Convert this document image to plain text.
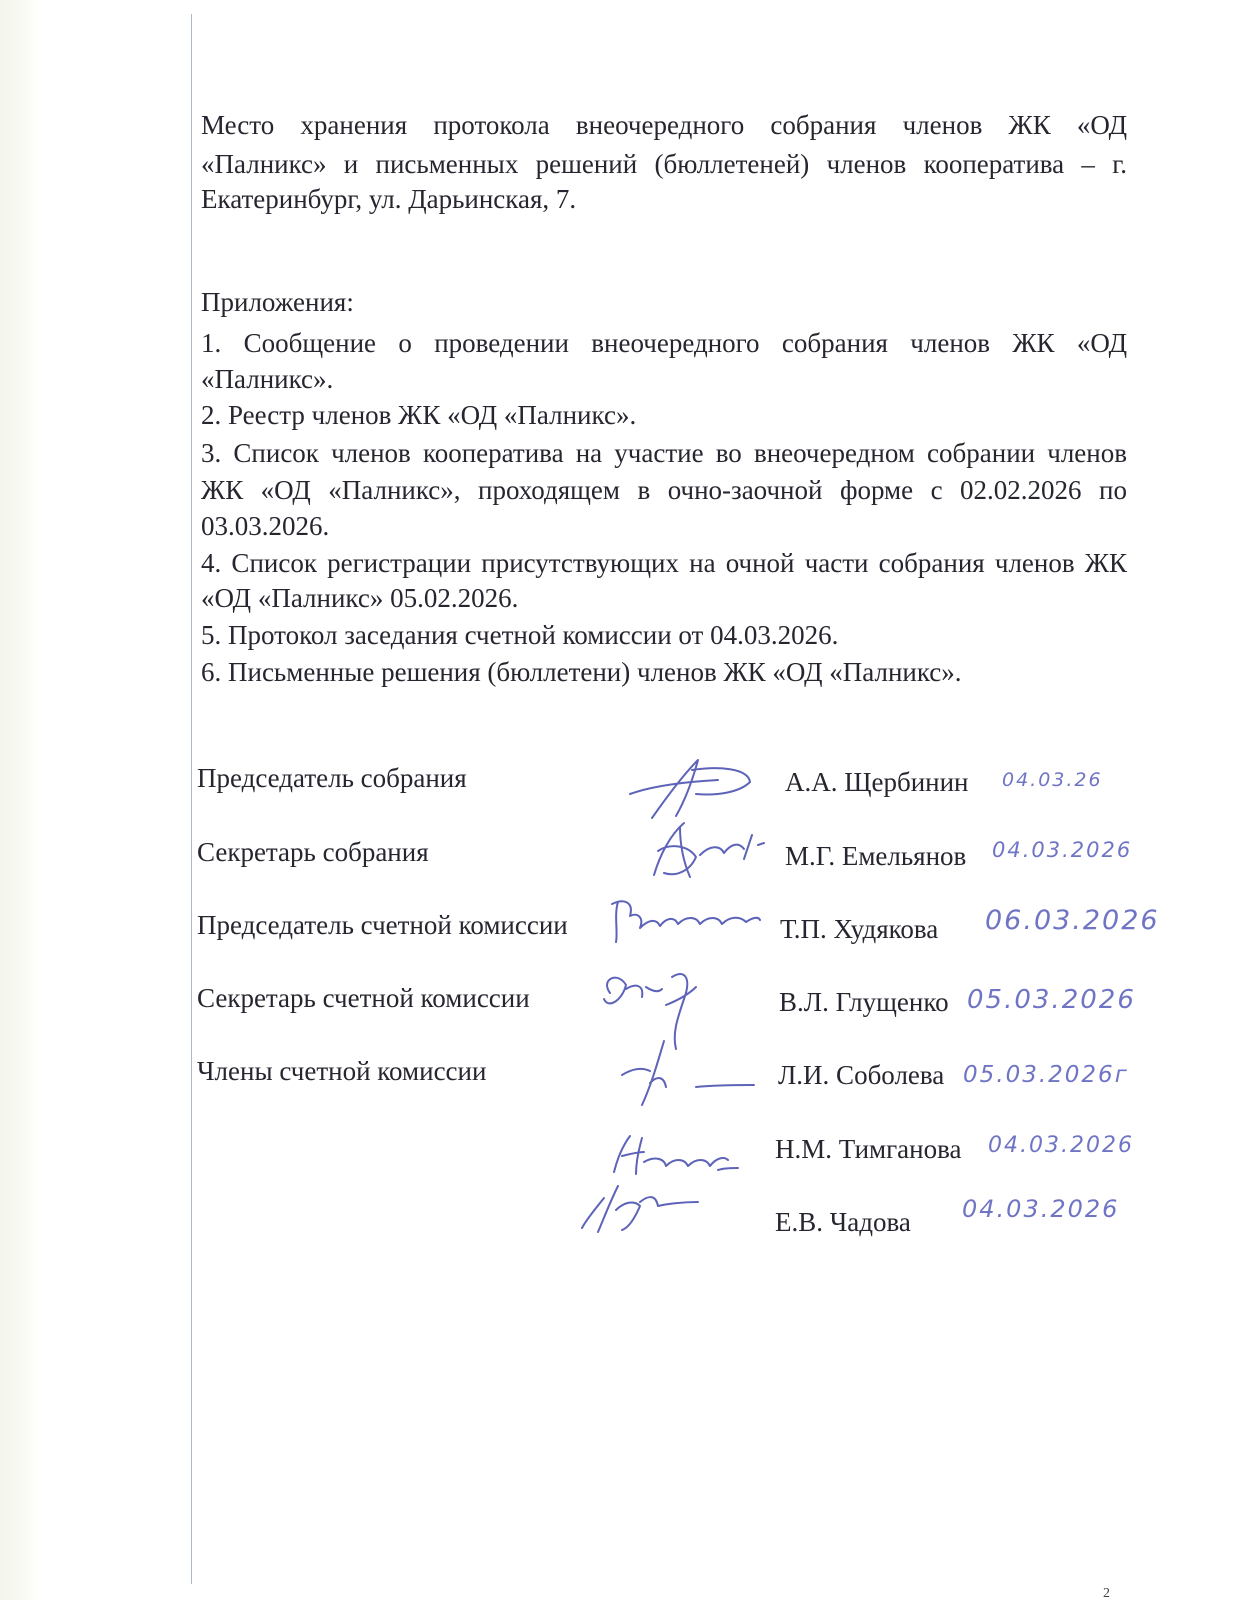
Место хранения протокола внеочередного собрания членов ЖК «ОД

«Палникс» и письменных решений (бюллетеней) членов кооператива – г.

Екатеринбург, ул. Дарьинская, 7.

Приложения:

1. Сообщение о проведении внеочередного собрания членов ЖК «ОД

«Палникс».

2. Реестр членов ЖК «ОД «Палникс».

3. Список членов кооператива на участие во внеочередном собрании членов

ЖК «ОД «Палникс», проходящем в очно-заочной форме с 02.02.2026 по

03.03.2026.

4. Список регистрации присутствующих на очной части собрания членов ЖК

«ОД «Палникс» 05.02.2026.

5. Протокол заседания счетной комиссии от 04.03.2026.

6. Письменные решения (бюллетени) членов ЖК «ОД «Палникс».

Председатель собрания

Секретарь собрания

Председатель счетной комиссии

Секретарь счетной комиссии

Члены счетной комиссии

А.А. Щербинин

М.Г. Емельянов

Т.П. Худякова

В.Л. Глущенко

Л.И. Соболева

Н.М. Тимганова

Е.В. Чадова

04.03.26
04.03.2026
06.03.2026
05.03.2026
05.03.2026г
04.03.2026
04.03.2026
2
